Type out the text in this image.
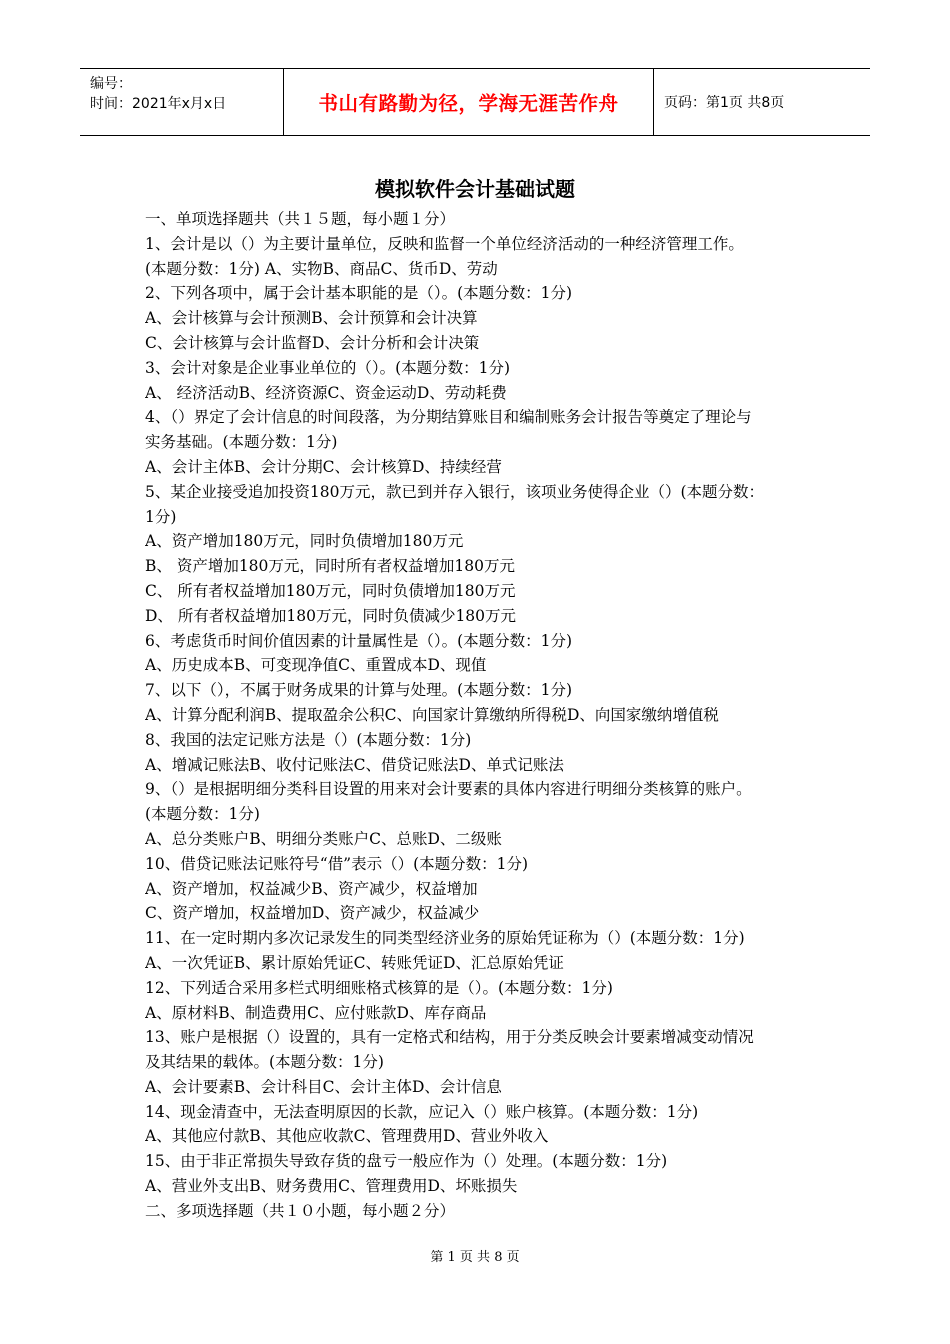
编号：
时间：2021年x月x日	书山有路勤为径，学海无涯苦作舟	页码：第1页 共8页
模拟软件会计基础试题
一、单项选择题共（共１５题，每小题１分）
1、会计是以（）为主要计量单位，反映和监督一个单位经济活动的一种经济管理工作。
(本题分数：1分) A、实物B、商品C、货币D、劳动
2、下列各项中，属于会计基本职能的是（）。(本题分数：1分)
A、会计核算与会计预测B、会计预算和会计决算
C、会计核算与会计监督D、会计分析和会计决策
3、会计对象是企业事业单位的（）。(本题分数：1分)
A、 经济活动B、经济资源C、资金运动D、劳动耗费
4、（）界定了会计信息的时间段落，为分期结算账目和编制账务会计报告等奠定了理论与
实务基础。(本题分数：1分)
A、会计主体B、会计分期C、会计核算D、持续经营
5、某企业接受追加投资180万元，款已到并存入银行，该项业务使得企业（）(本题分数：
1分)
A、资产增加180万元，同时负债增加180万元
B、 资产增加180万元，同时所有者权益增加180万元
C、 所有者权益增加180万元，同时负债增加180万元
D、 所有者权益增加180万元，同时负债减少180万元
6、考虑货币时间价值因素的计量属性是（）。(本题分数：1分)
A、历史成本B、可变现净值C、重置成本D、现值
7、以下（），不属于财务成果的计算与处理。(本题分数：1分)
A、计算分配利润B、提取盈余公积C、向国家计算缴纳所得税D、向国家缴纳增值税
8、我国的法定记账方法是（）(本题分数：1分)
A、增减记账法B、收付记账法C、借贷记账法D、单式记账法
9、（）是根据明细分类科目设置的用来对会计要素的具体内容进行明细分类核算的账户。
(本题分数：1分)
A、总分类账户B、明细分类账户C、总账D、二级账
10、借贷记账法记账符号“借”表示（）(本题分数：1分)
A、资产增加，权益减少B、资产减少，权益增加
C、资产增加，权益增加D、资产减少，权益减少
11、在一定时期内多次记录发生的同类型经济业务的原始凭证称为（）(本题分数：1分)
A、一次凭证B、累计原始凭证C、转账凭证D、汇总原始凭证
12、下列适合采用多栏式明细账格式核算的是（）。(本题分数：1分)
A、原材料B、制造费用C、应付账款D、库存商品
13、账户是根据（）设置的，具有一定格式和结构，用于分类反映会计要素增减变动情况
及其结果的载体。(本题分数：1分)
A、会计要素B、会计科目C、会计主体D、会计信息
14、现金清查中，无法查明原因的长款，应记入（）账户核算。(本题分数：1分)
A、其他应付款B、其他应收款C、管理费用D、营业外收入
15、由于非正常损失导致存货的盘亏一般应作为（）处理。(本题分数：1分)
A、营业外支出B、财务费用C、管理费用D、坏账损失
二、多项选择题（共１０小题，每小题２分）
第 1 页 共 8 页
